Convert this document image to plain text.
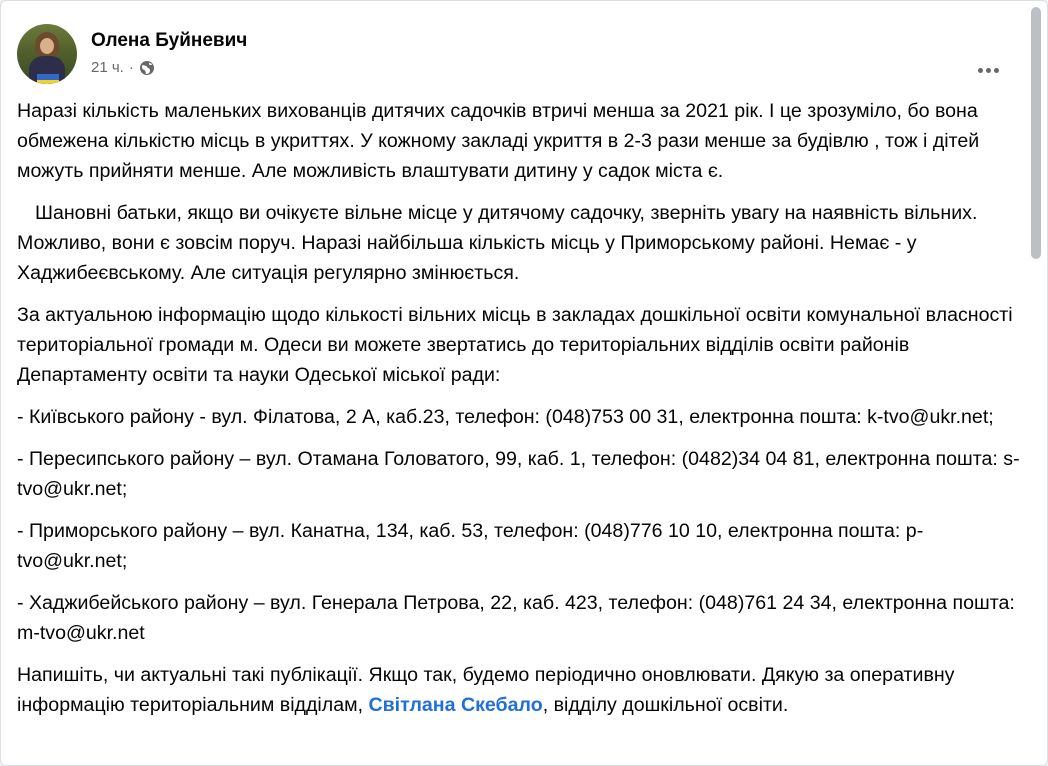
Олена Буйневич
21 ч. ·

Наразі кількість маленьких вихованців дитячих садочків втричі менша за 2021 рік. І це зрозуміло, бо вона обмежена кількістю місць в укриттях. У кожному закладі укриття в 2-3 рази менше за будівлю , тож і дітей можуть прийняти менше. Але можливість влаштувати дитину у садок міста є.

Шановні батьки, якщо ви очікуєте вільне місце у дитячому садочку, зверніть увагу на наявність вільних. Можливо, вони є зовсім поруч. Наразі найбільша кількість місць у Приморському районі. Немає - у Хаджибеєвському. Але ситуація регулярно змінюється.

За актуальною інформацію щодо кількості вільних місць в закладах дошкільної освіти комунальної власності територіальної громади м. Одеси ви можете звертатись до територіальних відділів освіти районів Департаменту освіти та науки Одеської міської ради:

- Київського району - вул. Філатова, 2 А, каб.23, телефон: (048)753 00 31, електронна пошта: k-tvo@ukr.net;

- Пересипського району – вул. Отамана Головатого, 99, каб. 1, телефон: (0482)34 04 81, електронна пошта: s-tvo@ukr.net;

- Приморського району – вул. Канатна, 134, каб. 53, телефон: (048)776 10 10, електронна пошта: p-tvo@ukr.net;

- Хаджибейського району – вул. Генерала Петрова, 22, каб. 423, телефон: (048)761 24 34, електронна пошта: m-tvo@ukr.net

Напишіть, чи актуальні такі публікації. Якщо так, будемо періодично оновлювати. Дякую за оперативну інформацію територіальним відділам, Світлана Скебало, відділу дошкільної освіти.
